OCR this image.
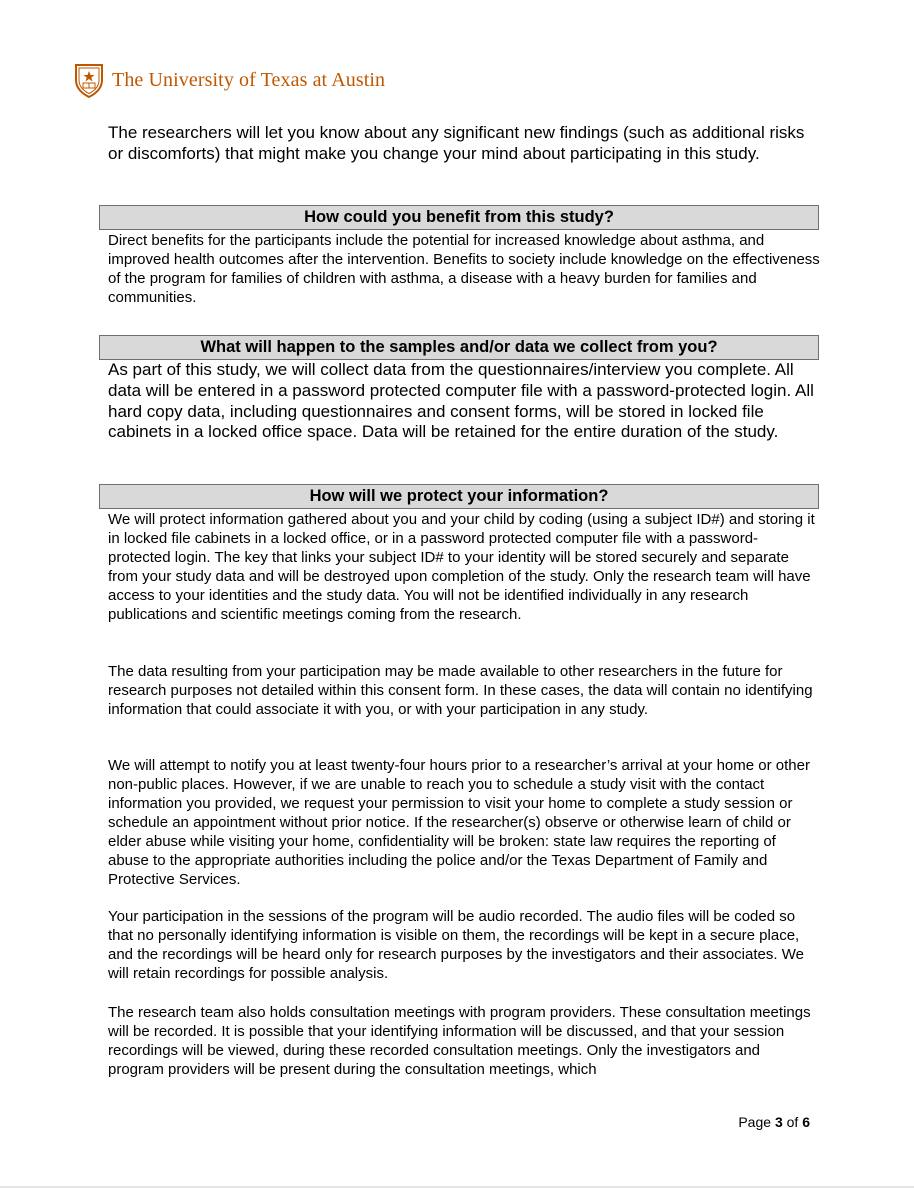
The University of Texas at Austin

The researchers will let you know about any significant new findings (such as additional risks or discomforts) that might make you change your mind about participating in this study.

How could you benefit from this study?

Direct benefits for the participants include the potential for increased knowledge about asthma, and improved health outcomes after the intervention. Benefits to society include knowledge on the effectiveness of the program for families of children with asthma, a disease with a heavy burden for families and communities.

What will happen to the samples and/or data we collect from you?

As part of this study, we will collect data from the questionnaires/interview you complete. All data will be entered in a password protected computer file with a password-protected login. All hard copy data, including questionnaires and consent forms, will be stored in locked file cabinets in a locked office space. Data will be retained for the entire duration of the study.

How will we protect your information?

We will protect information gathered about you and your child by coding (using a subject ID#) and storing it in locked file cabinets in a locked office, or in a password protected computer file with a password-protected login. The key that links your subject ID# to your identity will be stored securely and separate from your study data and will be destroyed upon completion of the study. Only the research team will have access to your identities and the study data. You will not be identified individually in any research publications and scientific meetings coming from the research.

The data resulting from your participation may be made available to other researchers in the future for research purposes not detailed within this consent form. In these cases, the data will contain no identifying information that could associate it with you, or with your participation in any study.

We will attempt to notify you at least twenty-four hours prior to a researcher’s arrival at your home or other non-public places. However, if we are unable to reach you to schedule a study visit with the contact information you provided, we request your permission to visit your home to complete a study session or schedule an appointment without prior notice. If the researcher(s) observe or otherwise learn of child or elder abuse while visiting your home, confidentiality will be broken: state law requires the reporting of abuse to the appropriate authorities including the police and/or the Texas Department of Family and Protective Services.

Your participation in the sessions of the program will be audio recorded. The audio files will be coded so that no personally identifying information is visible on them, the recordings will be kept in a secure place, and the recordings will be heard only for research purposes by the investigators and their associates. We will retain recordings for possible analysis.

The research team also holds consultation meetings with program providers. These consultation meetings will be recorded. It is possible that your identifying information will be discussed, and that your session recordings will be viewed, during these recorded consultation meetings. Only the investigators and program providers will be present during the consultation meetings, which

Page 3 of 6
